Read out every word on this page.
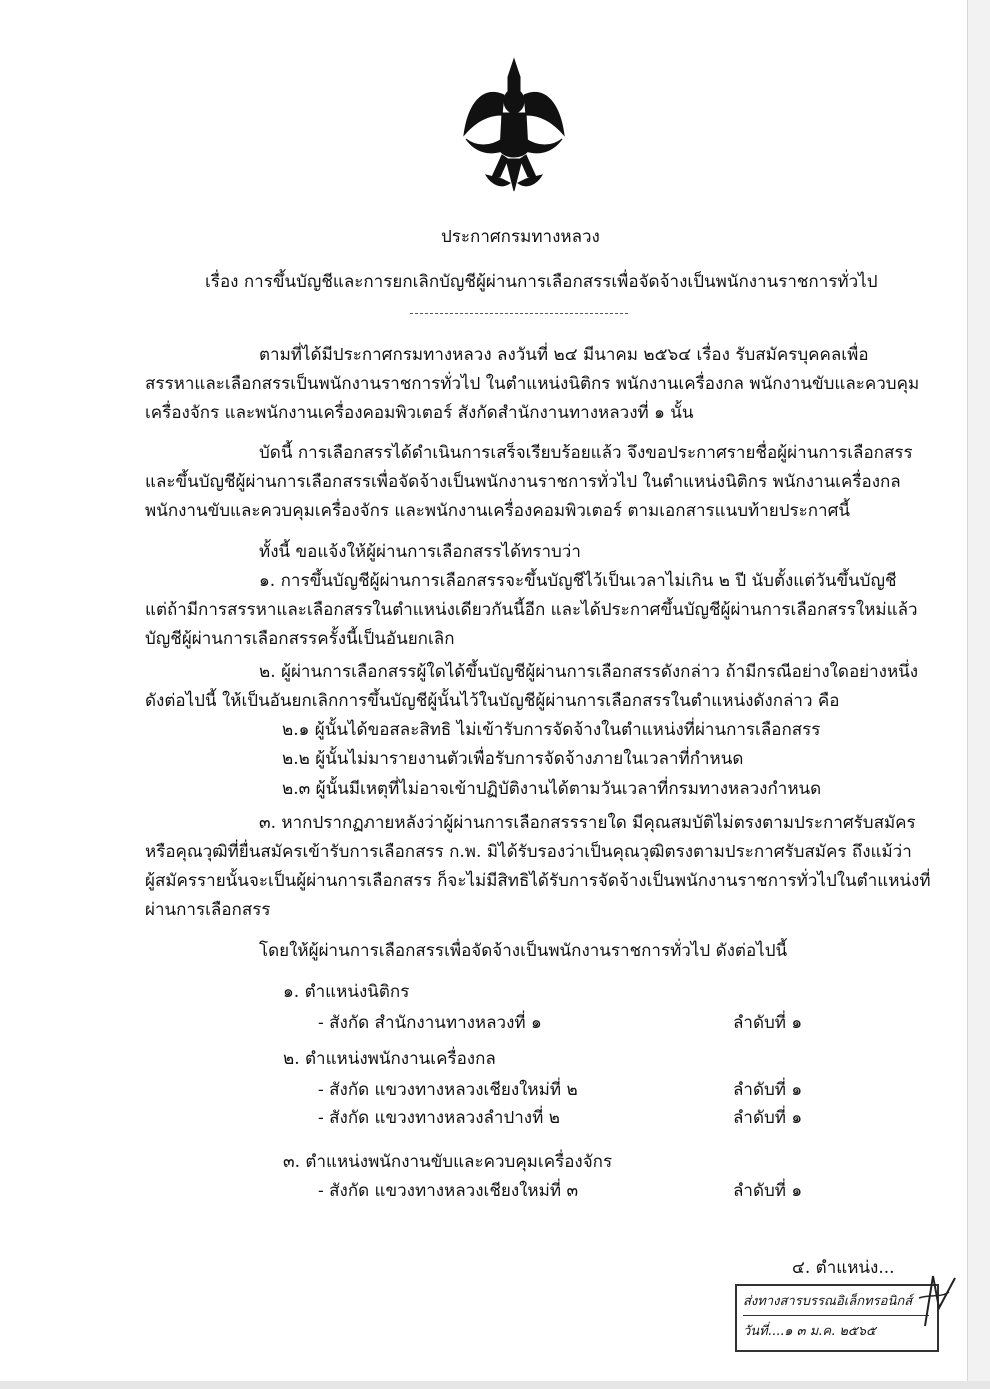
ประกาศกรมทางหลวง
เรื่อง การขึ้นบัญชีและการยกเลิกบัญชีผู้ผ่านการเลือกสรรเพื่อจัดจ้างเป็นพนักงานราชการทั่วไป
ตามที่ได้มีประกาศกรมทางหลวง ลงวันที่ ๒๔ มีนาคม ๒๕๖๔ เรื่อง รับสมัครบุคคลเพื่อ
สรรหาและเลือกสรรเป็นพนักงานราชการทั่วไป ในตำแหน่งนิติกร พนักงานเครื่องกล พนักงานขับและควบคุม
เครื่องจักร และพนักงานเครื่องคอมพิวเตอร์ สังกัดสำนักงานทางหลวงที่ ๑ นั้น
บัดนี้ การเลือกสรรได้ดำเนินการเสร็จเรียบร้อยแล้ว จึงขอประกาศรายชื่อผู้ผ่านการเลือกสรร
และขึ้นบัญชีผู้ผ่านการเลือกสรรเพื่อจัดจ้างเป็นพนักงานราชการทั่วไป ในตำแหน่งนิติกร พนักงานเครื่องกล
พนักงานขับและควบคุมเครื่องจักร และพนักงานเครื่องคอมพิวเตอร์ ตามเอกสารแนบท้ายประกาศนี้
ทั้งนี้ ขอแจ้งให้ผู้ผ่านการเลือกสรรได้ทราบว่า
๑. การขึ้นบัญชีผู้ผ่านการเลือกสรรจะขึ้นบัญชีไว้เป็นเวลาไม่เกิน ๒ ปี นับตั้งแต่วันขึ้นบัญชี
แต่ถ้ามีการสรรหาและเลือกสรรในตำแหน่งเดียวกันนี้อีก และได้ประกาศขึ้นบัญชีผู้ผ่านการเลือกสรรใหม่แล้ว
บัญชีผู้ผ่านการเลือกสรรครั้งนี้เป็นอันยกเลิก
๒. ผู้ผ่านการเลือกสรรผู้ใดได้ขึ้นบัญชีผู้ผ่านการเลือกสรรดังกล่าว ถ้ามีกรณีอย่างใดอย่างหนึ่ง
ดังต่อไปนี้ ให้เป็นอันยกเลิกการขึ้นบัญชีผู้นั้นไว้ในบัญชีผู้ผ่านการเลือกสรรในตำแหน่งดังกล่าว คือ
๒.๑ ผู้นั้นได้ขอสละสิทธิ ไม่เข้ารับการจัดจ้างในตำแหน่งที่ผ่านการเลือกสรร
๒.๒ ผู้นั้นไม่มารายงานตัวเพื่อรับการจัดจ้างภายในเวลาที่กำหนด
๒.๓ ผู้นั้นมีเหตุที่ไม่อาจเข้าปฏิบัติงานได้ตามวันเวลาที่กรมทางหลวงกำหนด
๓. หากปรากฏภายหลังว่าผู้ผ่านการเลือกสรรรายใด มีคุณสมบัติไม่ตรงตามประกาศรับสมัคร
หรือคุณวุฒิที่ยื่นสมัครเข้ารับการเลือกสรร ก.พ. มิได้รับรองว่าเป็นคุณวุฒิตรงตามประกาศรับสมัคร ถึงแม้ว่า
ผู้สมัครรายนั้นจะเป็นผู้ผ่านการเลือกสรร ก็จะไม่มีสิทธิได้รับการจัดจ้างเป็นพนักงานราชการทั่วไปในตำแหน่งที่
ผ่านการเลือกสรร
โดยให้ผู้ผ่านการเลือกสรรเพื่อจัดจ้างเป็นพนักงานราชการทั่วไป ดังต่อไปนี้
๑. ตำแหน่งนิติกร
- สังกัด สำนักงานทางหลวงที่ ๑	ลำดับที่ ๑
๒. ตำแหน่งพนักงานเครื่องกล
- สังกัด แขวงทางหลวงเชียงใหม่ที่ ๒	ลำดับที่ ๑
- สังกัด แขวงทางหลวงลำปางที่ ๒	ลำดับที่ ๑
๓. ตำแหน่งพนักงานขับและควบคุมเครื่องจักร
- สังกัด แขวงทางหลวงเชียงใหม่ที่ ๓	ลำดับที่ ๑
๔. ตำแหน่ง...
ส่งทางสารบรรณอิเล็กทรอนิกส์
วันที่....๑ ๓ ม.ค. ๒๕๖๕
